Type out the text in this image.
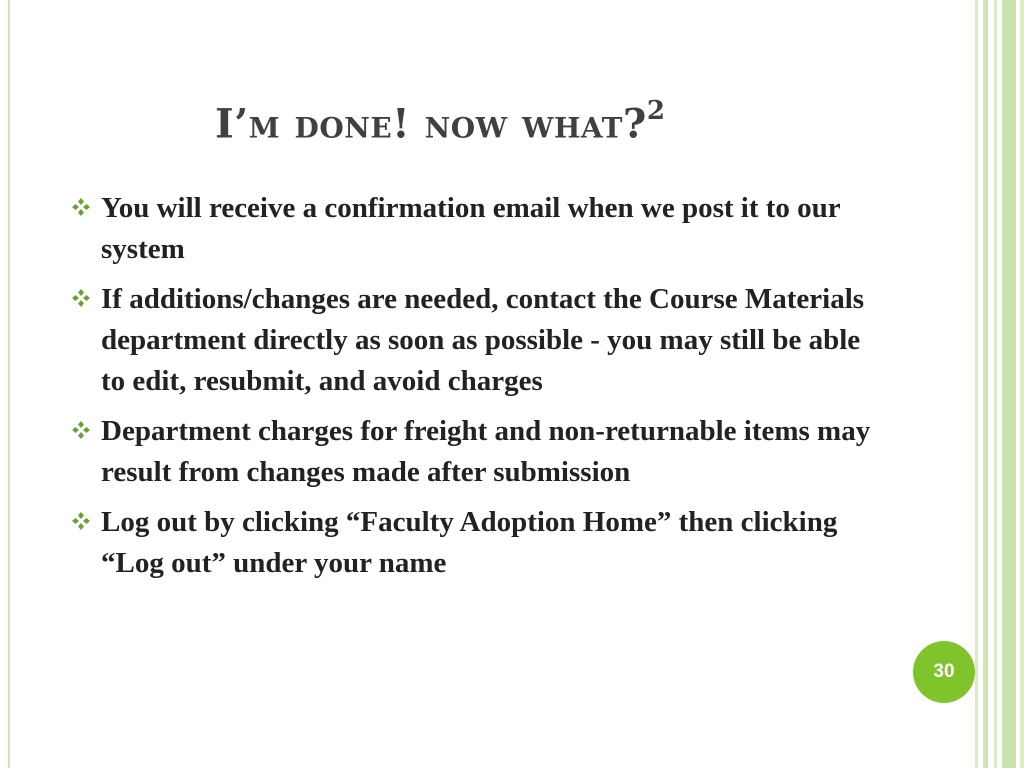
I’m done! now what?$^2$
You will receive a confirmation email when we post it to our system
If additions/changes are needed, contact the Course Materials department directly as soon as possible - you may still be able to edit, resubmit, and avoid charges
Department charges for freight and non-returnable items may result from changes made after submission
Log out by clicking “Faculty Adoption Home” then clicking “Log out” under your name
30
